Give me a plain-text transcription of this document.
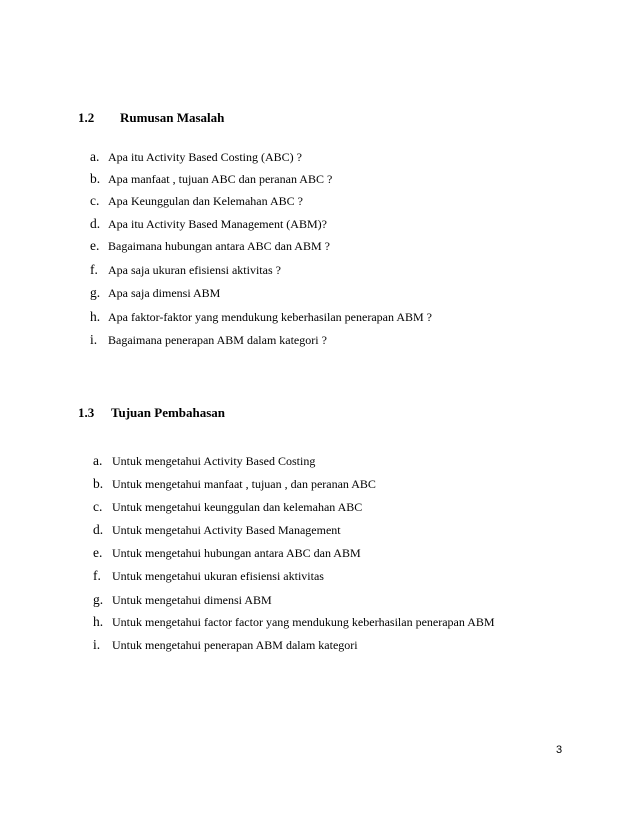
1.2 Rumusan Masalah
a. Apa itu Activity Based Costing (ABC) ?
b. Apa manfaat , tujuan ABC dan peranan ABC ?
c. Apa Keunggulan dan Kelemahan ABC ?
d. Apa itu Activity Based Management (ABM)?
e. Bagaimana hubungan antara ABC dan ABM ?
f. Apa saja ukuran efisiensi aktivitas ?
g. Apa saja dimensi ABM
h. Apa faktor-faktor yang mendukung keberhasilan penerapan ABM ?
i. Bagaimana penerapan ABM dalam kategori ?
1.3 Tujuan Pembahasan
a. Untuk mengetahui Activity Based Costing
b. Untuk mengetahui manfaat , tujuan , dan peranan ABC
c. Untuk mengetahui keunggulan dan kelemahan ABC
d. Untuk mengetahui Activity Based Management
e. Untuk mengetahui hubungan antara ABC dan ABM
f. Untuk mengetahui ukuran efisiensi aktivitas
g. Untuk mengetahui dimensi ABM
h. Untuk mengetahui factor factor yang mendukung keberhasilan penerapan ABM
i. Untuk mengetahui penerapan ABM dalam kategori
3
